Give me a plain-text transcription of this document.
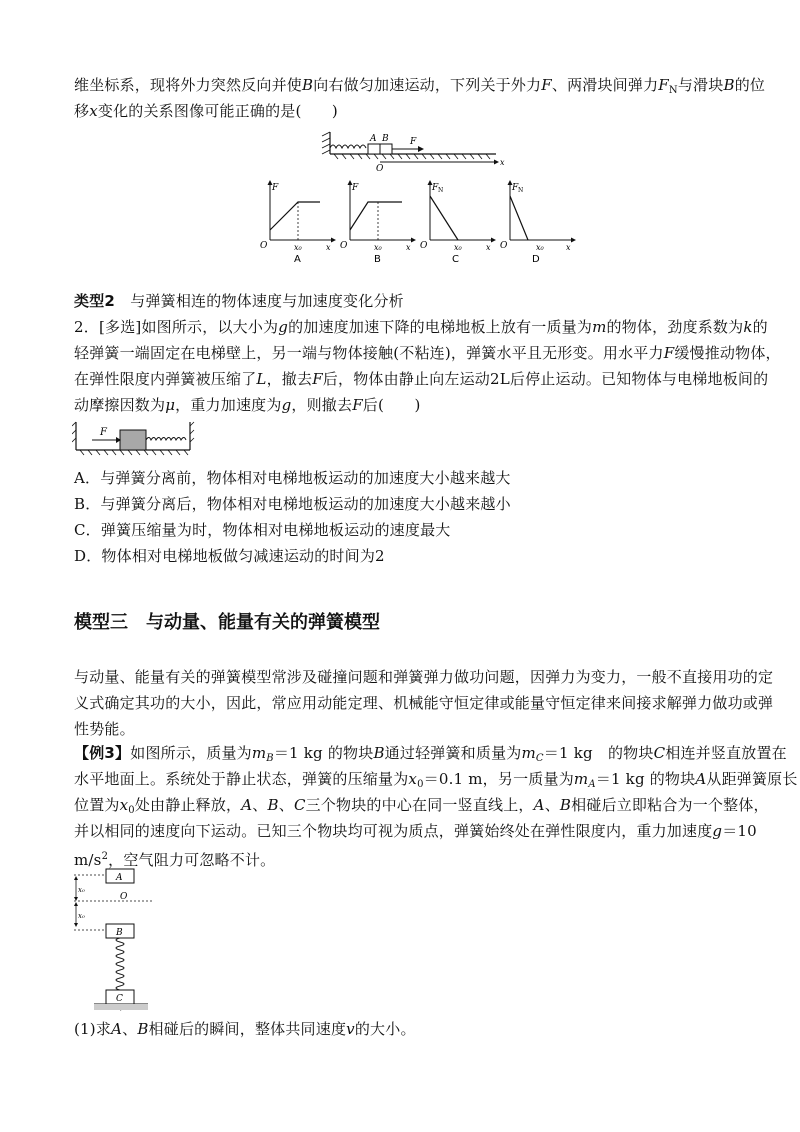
维坐标系，现将外力突然反向并使B向右做匀加速运动，下列关于外力F、两滑块间弹力$F_N$与滑块B的位
移x变化的关系图像可能正确的是(　　)
A B F
O
x
F
O	x₀	x
A
F
O	x₀	x
B
F N
O	x₀	x
C
F N
O	x₀	x
D
类型2　 与弹簧相连的物体速度与加速度变化分析
2．[多选]如图所示，以大小为g的加速度加速下降的电梯地板上放有一质量为m的物体，劲度系数为k的
轻弹簧一端固定在电梯壁上，另一端与物体接触(不粘连)，弹簧水平且无形变。用水平力F缓慢推动物体，
在弹性限度内弹簧被压缩了L，撤去F后，物体由静止向左运动2L后停止运动。已知物体与电梯地板间的
动摩擦因数为μ，重力加速度为g，则撤去F后(　　)
F
A．与弹簧分离前，物体相对电梯地板运动的加速度大小越来越大
B．与弹簧分离后，物体相对电梯地板运动的加速度大小越来越小
C．弹簧压缩量为时，物体相对电梯地板运动的速度最大
D．物体相对电梯地板做匀减速运动的时间为2
模型三　与动量、能量有关的弹簧模型
与动量、能量有关的弹簧模型常涉及碰撞问题和弹簧弹力做功问题，因弹力为变力，一般不直接用功的定
义式确定其功的大小，因此，常应用动能定理、机械能守恒定律或能量守恒定律来间接求解弹力做功或弹
性势能。
【例3】如图所示，质量为$m_B=1$ kg 的物块B通过轻弹簧和质量为$m_C=1$ kg　的物块C相连并竖直放置在
水平地面上。系统处于静止状态，弹簧的压缩量为$x_0=0.1$ m，另一质量为$m_A=1$ kg 的物块A从距弹簧原长
位置为$x_0$处由静止释放，A、B、C三个物块的中心在同一竖直线上，A、B相碰后立即粘合为一个整体，
并以相同的速度向下运动。已知三个物块均可视为质点，弹簧始终处在弹性限度内，重力加速度g＝10
$m/s^2$，空气阻力可忽略不计。
A
x₀
O
x₀
B
C
(1)求A、B相碰后的瞬间，整体共同速度v的大小。
